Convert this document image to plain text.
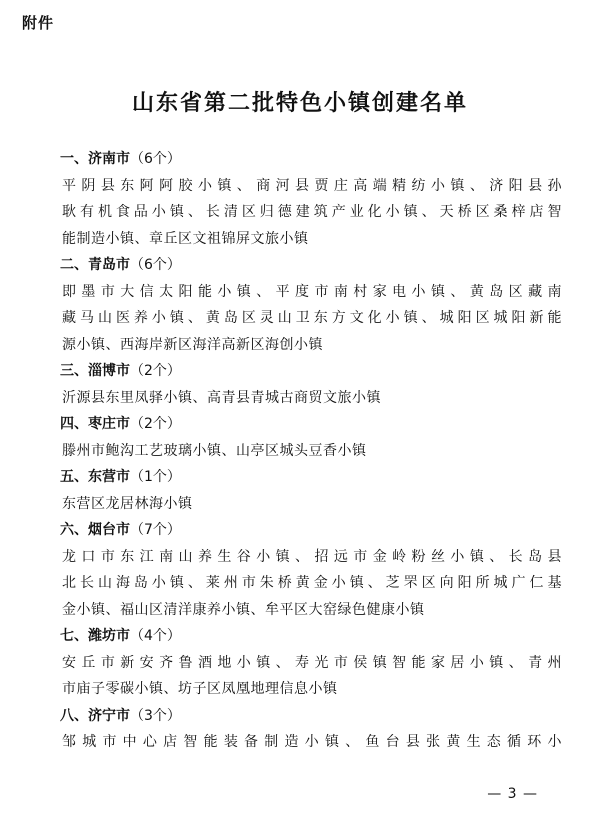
附件
山东省第二批特色小镇创建名单
一、济南市（6个）
平阴县东阿阿胶小镇、商河县贾庄高端精纺小镇、济阳县孙
耿有机食品小镇、长清区归德建筑产业化小镇、天桥区桑梓店智
能制造小镇、章丘区文祖锦屏文旅小镇
二、青岛市（6个）
即墨市大信太阳能小镇、平度市南村家电小镇、黄岛区藏南
藏马山医养小镇、黄岛区灵山卫东方文化小镇、城阳区城阳新能
源小镇、西海岸新区海洋高新区海创小镇
三、淄博市（2个）
沂源县东里凤驿小镇、高青县青城古商贸文旅小镇
四、枣庄市（2个）
滕州市鲍沟工艺玻璃小镇、山亭区城头豆香小镇
五、东营市（1个）
东营区龙居林海小镇
六、烟台市（7个）
龙口市东江南山养生谷小镇、招远市金岭粉丝小镇、长岛县
北长山海岛小镇、莱州市朱桥黄金小镇、芝罘区向阳所城广仁基
金小镇、福山区清洋康养小镇、牟平区大窑绿色健康小镇
七、潍坊市（4个）
安丘市新安齐鲁酒地小镇、寿光市侯镇智能家居小镇、青州
市庙子零碳小镇、坊子区凤凰地理信息小镇
八、济宁市（3个）
邹城市中心店智能装备制造小镇、鱼台县张黄生态循环小
— 3 —
